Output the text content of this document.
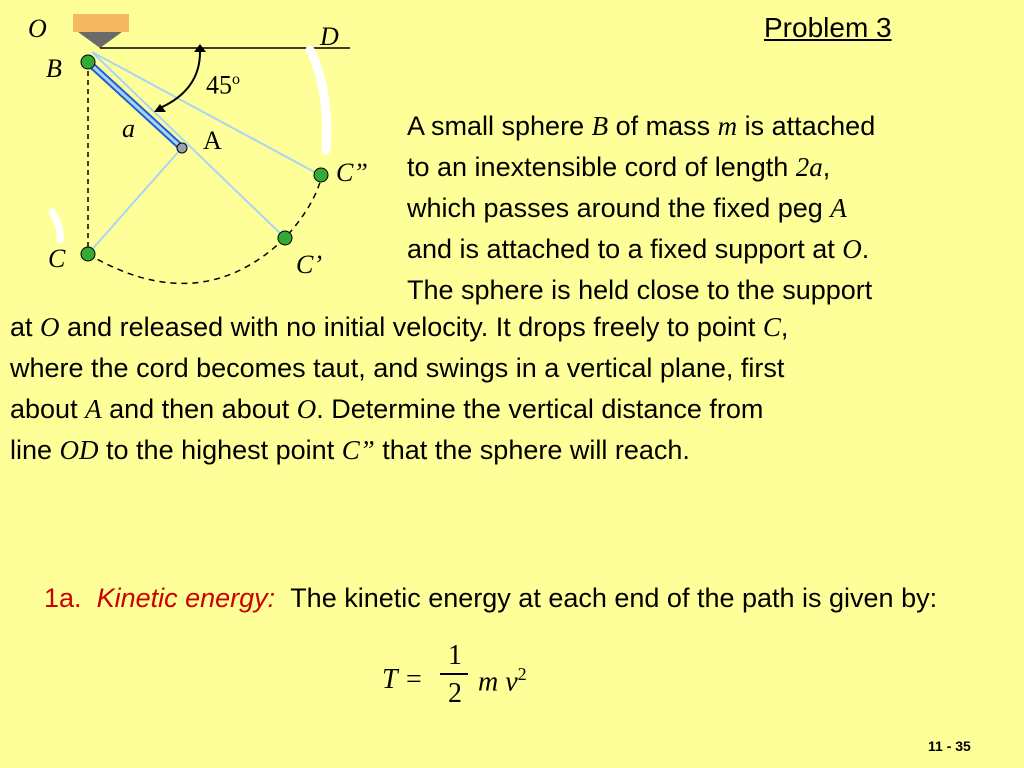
O	D
B
45$^o$
a	A
C”
C	C’
Problem 3
A small sphere B of mass m is attached
to an inextensible cord of length 2a,
which passes around the fixed peg A
and is attached to a fixed support at O.
The sphere is held close to the support
at O and released with no initial velocity. It drops freely to point C,
where the cord becomes taut, and swings in a vertical plane, first
about A and then about O. Determine the vertical distance from
line OD to the highest point C” that the sphere will reach.
1a. Kinetic energy: The kinetic energy at each end of the path is given by:
T =
1
2 m $v^2$
11 - 35
